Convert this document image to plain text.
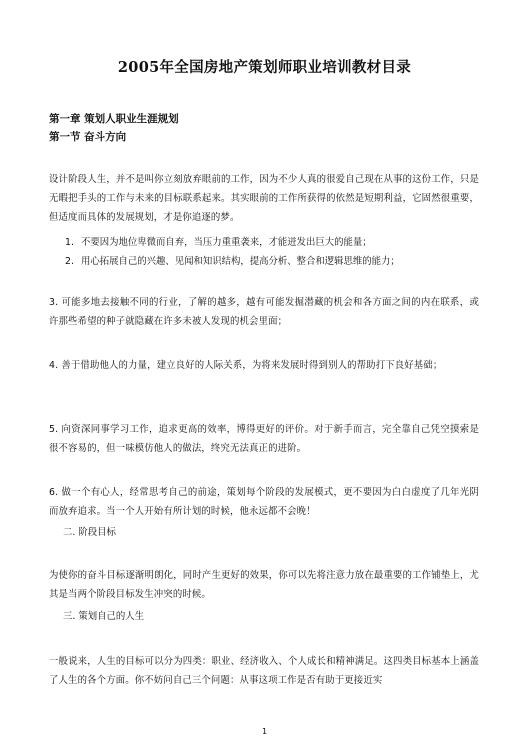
2005年全国房地产策划师职业培训教材目录
第一章 策划人职业生涯规划
第一节 奋斗方向
设计阶段人生，并不是叫你立刻放弃眼前的工作，因为不少人真的很爱自己现在从事的这份工作，只是无暇把手头的工作与未来的目标联系起来。其实眼前的工作所获得的依然是短期利益，它固然很重要，但适度而具体的发展规划，才是你追逐的梦。
1. 不要因为地位卑微而自弃，当压力重重袭来，才能迸发出巨大的能量；
2. 用心拓展自己的兴趣、见闻和知识结构，提高分析、整合和逻辑思维的能力；
3. 可能多地去接触不同的行业，了解的越多，越有可能发掘潜藏的机会和各方面之间的内在联系，或许那些希望的种子就隐藏在许多未被人发现的机会里面；
4. 善于借助他人的力量，建立良好的人际关系，为将来发展时得到别人的帮助打下良好基础；
5. 向资深同事学习工作，追求更高的效率，博得更好的评价。对于新手而言，完全靠自己凭空摸索是很不容易的，但一味模仿他人的做法，终究无法真正的进阶。
6. 做一个有心人，经常思考自己的前途，策划每个阶段的发展模式，更不要因为白白虚度了几年光阴而放弃追求。当一个人开始有所计划的时候，他永远都不会晚！
二. 阶段目标
为使你的奋斗目标逐渐明朗化，同时产生更好的效果，你可以先将注意力放在最重要的工作铺垫上，尤其是当两个阶段目标发生冲突的时候。
三. 策划自己的人生
一般说来，人生的目标可以分为四类：职业、经济收入、个人成长和精神满足。这四类目标基本上涵盖了人生的各个方面。你不妨问自己三个问题：从事这项工作是否有助于更接近实
1
